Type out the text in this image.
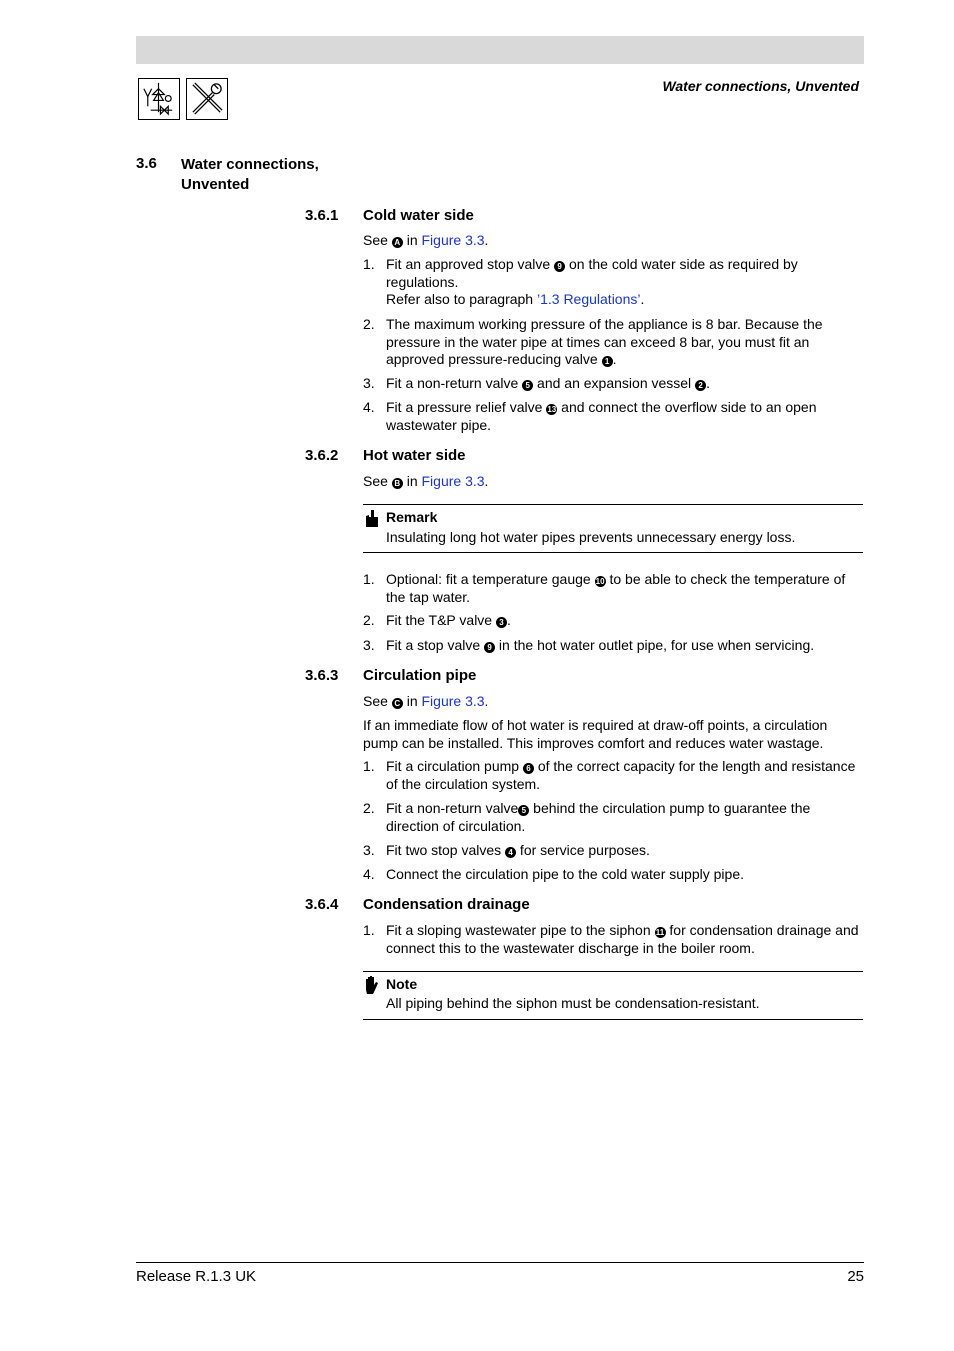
Water connections, Unvented
3.6 Water connections,
Unvented
3.6.1 Cold water side
See A in Figure 3.3.
1. Fit an approved stop valve 9 on the cold water side as required by
regulations.
Refer also to paragraph ’1.3 Regulations’.
2. The maximum working pressure of the appliance is 8 bar. Because the
pressure in the water pipe at times can exceed 8 bar, you must fit an
approved pressure-reducing valve 1 .
3. Fit a non-return valve 5 and an expansion vessel 2 .
4. Fit a pressure relief valve 13 and connect the overflow side to an open
wastewater pipe.
3.6.2 Hot water side
See B in Figure 3.3.
Remark
Insulating long hot water pipes prevents unnecessary energy loss.
1. Optional: fit a temperature gauge 10 to be able to check the temperature of
the tap water.
2. Fit the T&P valve 3 .
3. Fit a stop valve 9 in the hot water outlet pipe, for use when servicing.
3.6.3 Circulation pipe
See C in Figure 3.3.
If an immediate flow of hot water is required at draw-off points, a circulation
pump can be installed. This improves comfort and reduces water wastage.
1. Fit a circulation pump 6 of the correct capacity for the length and resistance
of the circulation system.
2. Fit a non-return valve 5 behind the circulation pump to guarantee the
direction of circulation.
3. Fit two stop valves 4 for service purposes.
4. Connect the circulation pipe to the cold water supply pipe.
3.6.4 Condensation drainage
1. Fit a sloping wastewater pipe to the siphon 11 for condensation drainage and
connect this to the wastewater discharge in the boiler room.
Note
All piping behind the siphon must be condensation-resistant.
Release R.1.3 UK	25
